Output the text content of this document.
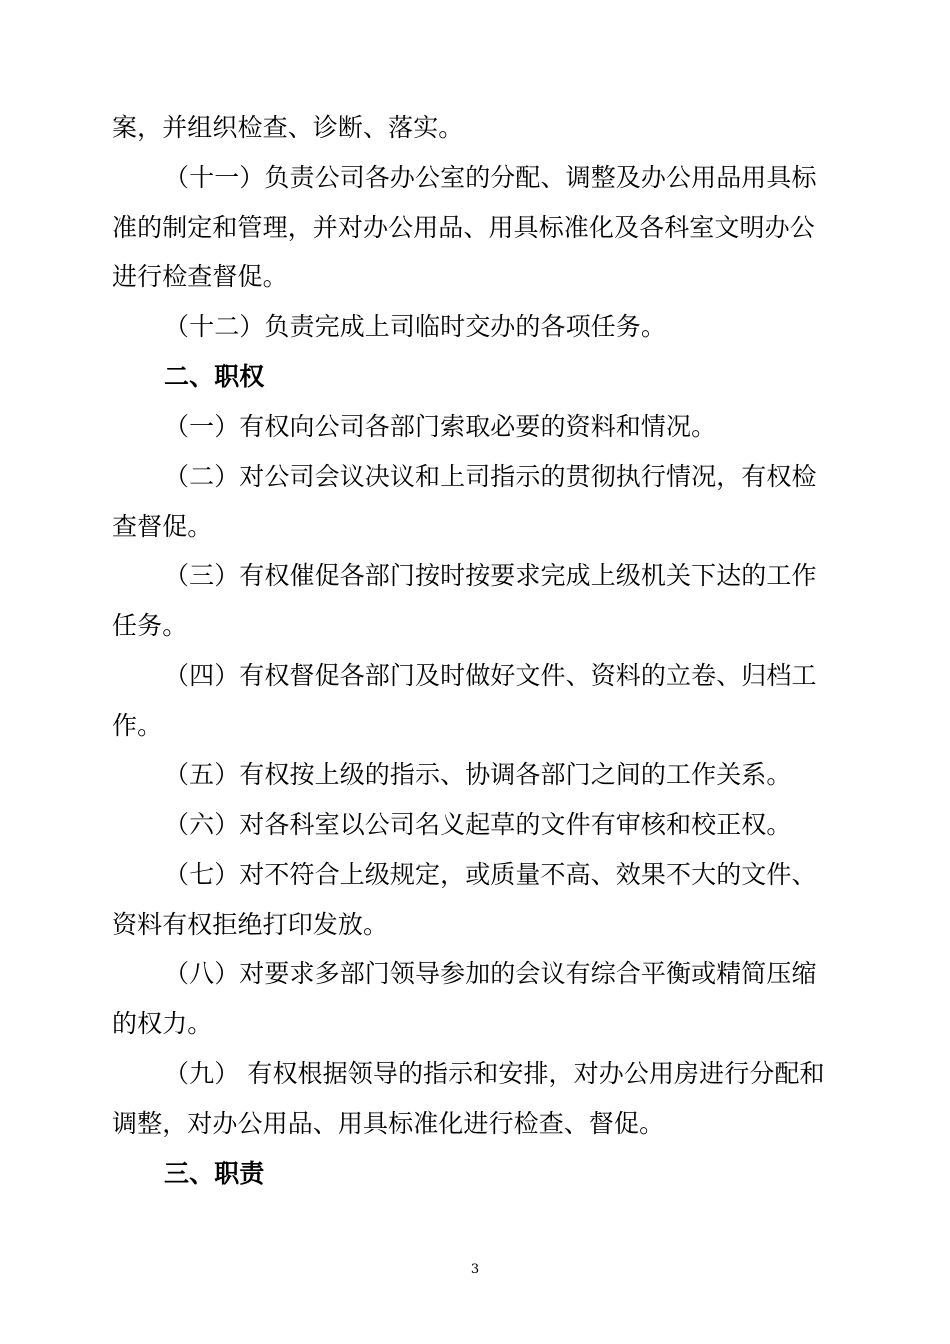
案，并组织检查、诊断、落实。
（十一）负责公司各办公室的分配、调整及办公用品用具标
准的制定和管理，并对办公用品、用具标准化及各科室文明办公
进行检查督促。
（十二）负责完成上司临时交办的各项任务。
二、职权
（一）有权向公司各部门索取必要的资料和情况。
（二）对公司会议决议和上司指示的贯彻执行情况，有权检
查督促。
（三）有权催促各部门按时按要求完成上级机关下达的工作
任务。
（四）有权督促各部门及时做好文件、资料的立卷、归档工
作。
（五）有权按上级的指示、协调各部门之间的工作关系。
（六）对各科室以公司名义起草的文件有审核和校正权。
（七）对不符合上级规定，或质量不高、效果不大的文件、
资料有权拒绝打印发放。
（八）对要求多部门领导参加的会议有综合平衡或精简压缩
的权力。
（九） 有权根据领导的指示和安排，对办公用房进行分配和
调整，对办公用品、用具标准化进行检查、督促。
三、职责
3
